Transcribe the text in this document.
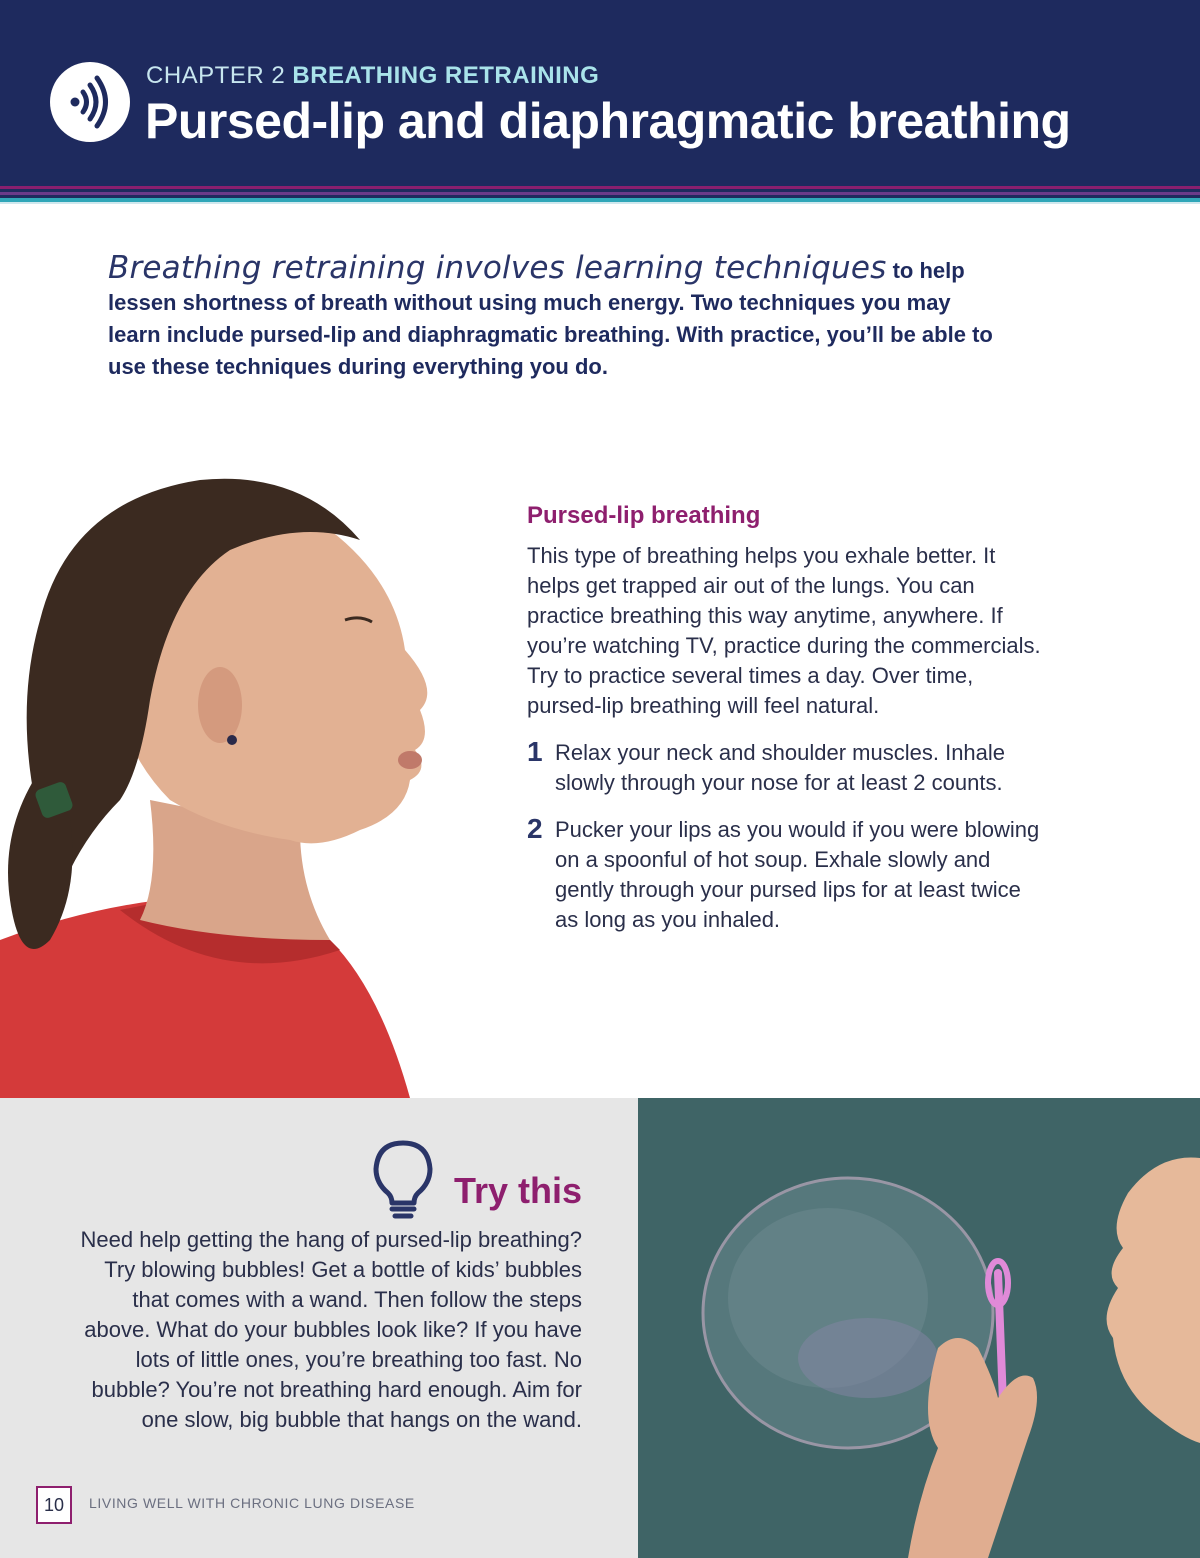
CHAPTER 2 BREATHING RETRAINING
Pursed-lip and diaphragmatic breathing
Breathing retraining involves learning techniques to help lessen shortness of breath without using much energy. Two techniques you may learn include pursed-lip and diaphragmatic breathing. With practice, you’ll be able to use these techniques during everything you do.
Pursed-lip breathing

This type of breathing helps you exhale better. It helps get trapped air out of the lungs. You can practice breathing this way anytime, anywhere. If you’re watching TV, practice during the commercials. Try to practice several times a day. Over time, pursed-lip breathing will feel natural.

1 Relax your neck and shoulder muscles. Inhale slowly through your nose for at least 2 counts.
2 Pucker your lips as you would if you were blowing on a spoonful of hot soup. Exhale slowly and gently through your pursed lips for at least twice as long as you inhaled.
Try this

Need help getting the hang of pursed-lip breathing? Try blowing bubbles! Get a bottle of kids’ bubbles that comes with a wand. Then follow the steps above. What do your bubbles look like? If you have lots of little ones, you’re breathing too fast. No bubble? You’re not breathing hard enough. Aim for one slow, big bubble that hangs on the wand.

10	LIVING WELL WITH CHRONIC LUNG DISEASE
